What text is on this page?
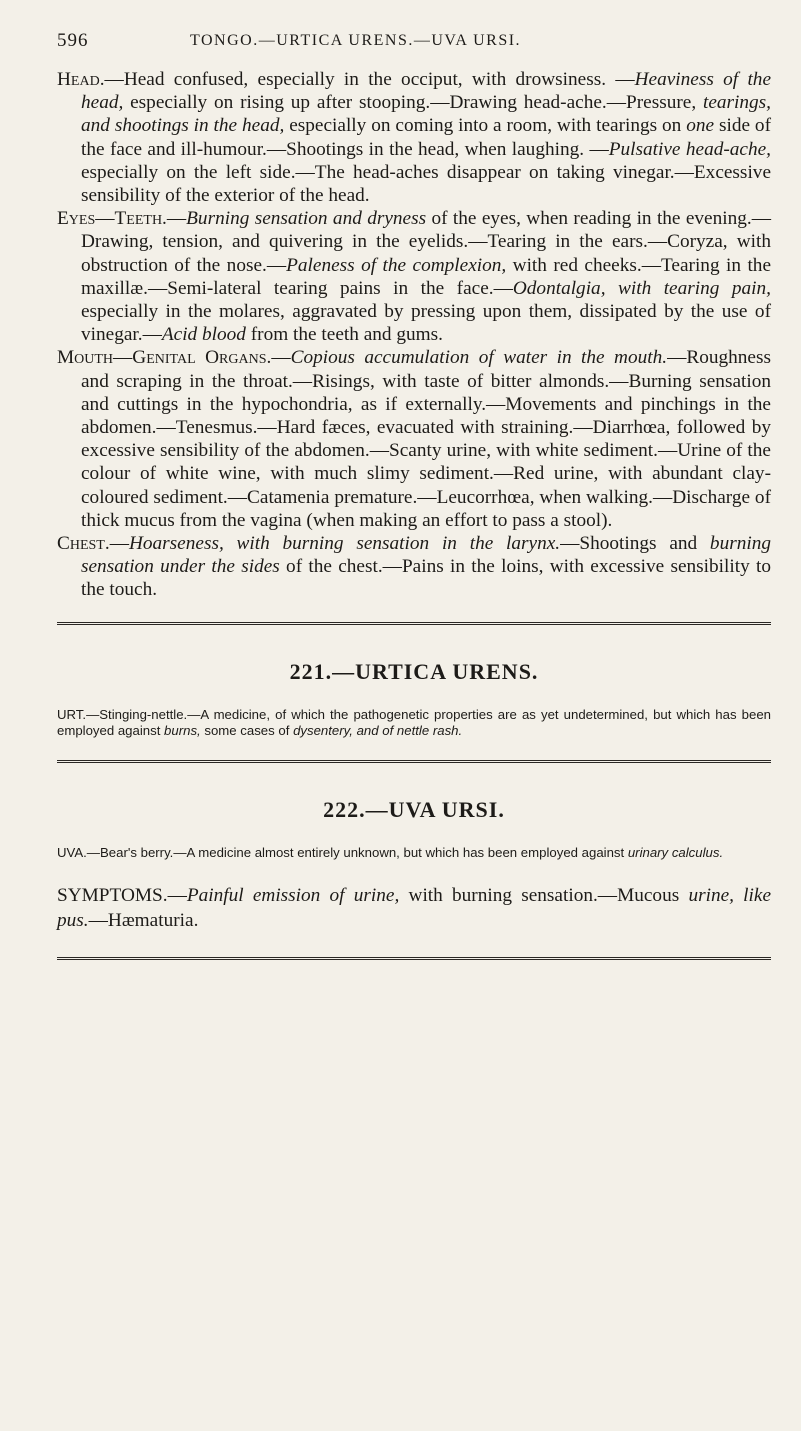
596	TONGO.—URTICA URENS.—UVA URSI.

Head.—Head confused, especially in the occiput, with drowsiness. —Heaviness of the head, especially on rising up after stooping.—Drawing head-ache.—Pressure, tearings, and shootings in the head, especially on coming into a room, with tearings on one side of the face and ill-humour.—Shootings in the head, when laughing. —Pulsative head-ache, especially on the left side.—The head-aches disappear on taking vinegar.—Excessive sensibility of the exterior of the head.

Eyes—Teeth.—Burning sensation and dryness of the eyes, when reading in the evening.—Drawing, tension, and quivering in the eyelids.—Tearing in the ears.—Coryza, with obstruction of the nose.—Paleness of the complexion, with red cheeks.—Tearing in the maxillæ.—Semi-lateral tearing pains in the face.—Odontalgia, with tearing pain, especially in the molares, aggravated by pressing upon them, dissipated by the use of vinegar.—Acid blood from the teeth and gums.

Mouth—Genital Organs.—Copious accumulation of water in the mouth.—Roughness and scraping in the throat.—Risings, with taste of bitter almonds.—Burning sensation and cuttings in the hypochondria, as if externally.—Movements and pinchings in the abdomen.—Tenesmus.—Hard fæces, evacuated with straining.—Diarrhœa, followed by excessive sensibility of the abdomen.—Scanty urine, with white sediment.—Urine of the colour of white wine, with much slimy sediment.—Red urine, with abundant clay-coloured sediment.—Catamenia premature.—Leucorrhœa, when walking.—Discharge of thick mucus from the vagina (when making an effort to pass a stool).

Chest.—Hoarseness, with burning sensation in the larynx.—Shootings and burning sensation under the sides of the chest.—Pains in the loins, with excessive sensibility to the touch.

221.—URTICA URENS.

URT.—Stinging-nettle.—A medicine, of which the pathogenetic properties are as yet undetermined, but which has been employed against burns, some cases of dysentery, and of nettle rash.

222.—UVA URSI.

UVA.—Bear's berry.—A medicine almost entirely unknown, but which has been employed against urinary calculus.

SYMPTOMS.—Painful emission of urine, with burning sensation.—Mucous urine, like pus.—Hæmaturia.
